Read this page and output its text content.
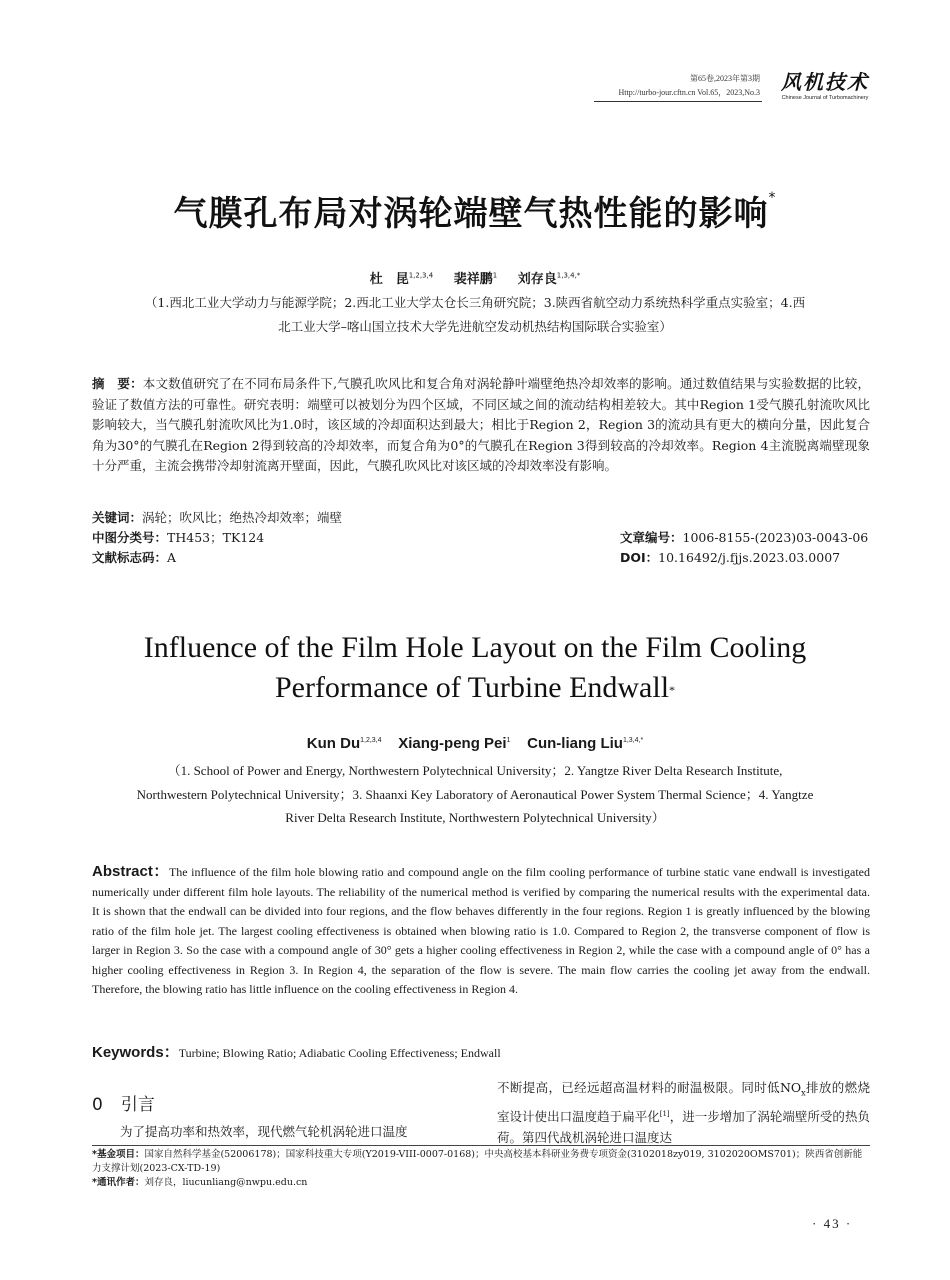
第65卷,2023年第3期
Http://turbo-jour.cftn.cn Vol.65，2023,No.3	风机技术
Chinese Journal of Turbomachinery
气膜孔布局对涡轮端壁气热性能的影响*
杜　昆$^{1,2,3,4}$ 裴祥鹏$^1$ 刘存良$^{1,3,4,*}$
（1.西北工业大学动力与能源学院；2.西北工业大学太仓长三角研究院；3.陕西省航空动力系统热科学重点实验室；4.西
北工业大学–喀山国立技术大学先进航空发动机热结构国际联合实验室）
摘　要：本文数值研究了在不同布局条件下,气膜孔吹风比和复合角对涡轮静叶端壁绝热冷却效率的影响。通过数值结果与实验数据的比较，验证了数值方法的可靠性。研究表明：端壁可以被划分为四个区域，不同区域之间的流动结构相差较大。其中Region 1受气膜孔射流吹风比影响较大，当气膜孔射流吹风比为1.0时，该区域的冷却面积达到最大；相比于Region 2，Region 3的流动具有更大的横向分量，因此复合角为30°的气膜孔在Region 2得到较高的冷却效率，而复合角为0°的气膜孔在Region 3得到较高的冷却效率。Region 4主流脱离端壁现象十分严重，主流会携带冷却射流离开壁面，因此，气膜孔吹风比对该区域的冷却效率没有影响。
关键词：涡轮；吹风比；绝热冷却效率；端壁
中图分类号：TH453；TK124	文章编号：1006-8155-(2023)03-0043-06
文献标志码：A	DOI：10.16492/j.fjjs.2023.03.0007
Influence of the Film Hole Layout on the Film Cooling
Performance of Turbine Endwall*
Kun Du$^{1,2,3,4}$ Xiang-peng Pei$^1$ Cun-liang Liu$^{1,3,4,*}$
（1. School of Power and Energy, Northwestern Polytechnical University；2. Yangtze River Delta Research Institute,
Northwestern Polytechnical University；3. Shaanxi Key Laboratory of Aeronautical Power System Thermal Science；4. Yangtze
River Delta Research Institute, Northwestern Polytechnical University）
Abstract：The influence of the film hole blowing ratio and compound angle on the film cooling performance of turbine static vane endwall is investigated numerically under different film hole layouts. The reliability of the numerical method is verified by comparing the numerical results with the experimental data. It is shown that the endwall can be divided into four regions, and the flow behaves differently in the four regions. Region 1 is greatly influenced by the blowing ratio of the film hole jet. The largest cooling effectiveness is obtained when blowing ratio is 1.0. Compared to Region 2, the transverse component of flow is larger in Region 3. So the case with a compound angle of 30° gets a higher cooling effectiveness in Region 2, while the case with a compound angle of 0° has a higher cooling effectiveness in Region 3. In Region 4, the separation of the flow is severe. The main flow carries the cooling jet away from the endwall. Therefore, the blowing ratio has little influence on the cooling effectiveness in Region 4.
Keywords：Turbine; Blowing Ratio; Adiabatic Cooling Effectiveness; Endwall
0 引言
为了提高功率和热效率，现代燃气轮机涡轮进口温度
不断提高，已经远超高温材料的耐温极限。同时低$NO_x$排放的燃烧室设计使出口温度趋于扁平化[1]，进一步增加了涡轮端壁所受的热负荷。第四代战机涡轮进口温度达
*基金项目：国家自然科学基金(52006178)；国家科技重大专项(Y2019-VIII-0007-0168)；中央高校基本科研业务费专项资金(3102018zy019, 3102020OMS701)；陕西省创新能力支撑计划(2023-CX-TD-19)
*通讯作者：刘存良，liucunliang@nwpu.edu.cn
· 43 ·
